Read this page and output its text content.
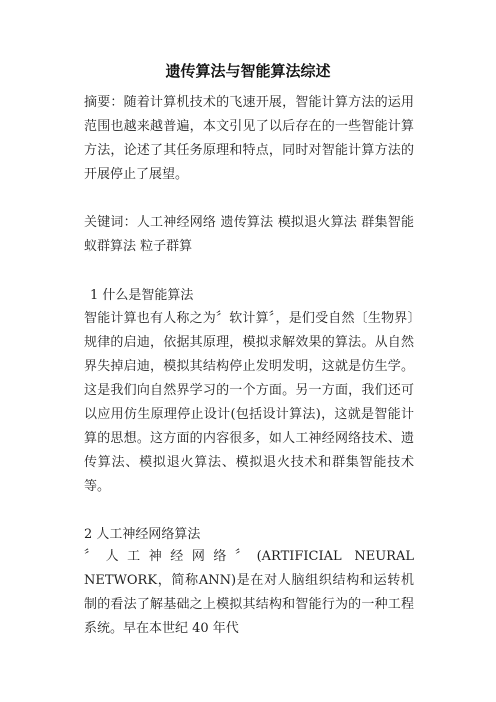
遗传算法与智能算法综述

摘要：随着计算机技术的飞速开展，智能计算方法的运用范围也越来越普遍，本文引见了以后存在的一些智能计算方法，论述了其任务原理和特点，同时对智能计算方法的开展停止了展望。

关键词：人工神经网络 遗传算法 模拟退火算法 群集智能 蚁群算法 粒子群算

1 什么是智能算法

智能计算也有人称之为〞软计算〞，是们受自然〔生物界〕规律的启迪，依据其原理，模拟求解效果的算法。从自然界失掉启迪，模拟其结构停止发明发明，这就是仿生学。这是我们向自然界学习的一个方面。另一方面，我们还可以应用仿生原理停止设计(包括设计算法)，这就是智能计算的思想。这方面的内容很多，如人工神经网络技术、遗传算法、模拟退火算法、模拟退火技术和群集智能技术等。

2 人工神经网络算法

〞人工神经网络〞(ARTIFICIAL NEURAL NETWORK，简称ANN)是在对人脑组织结构和运转机制的看法了解基础之上模拟其结构和智能行为的一种工程系统。早在本世纪 40 年代
